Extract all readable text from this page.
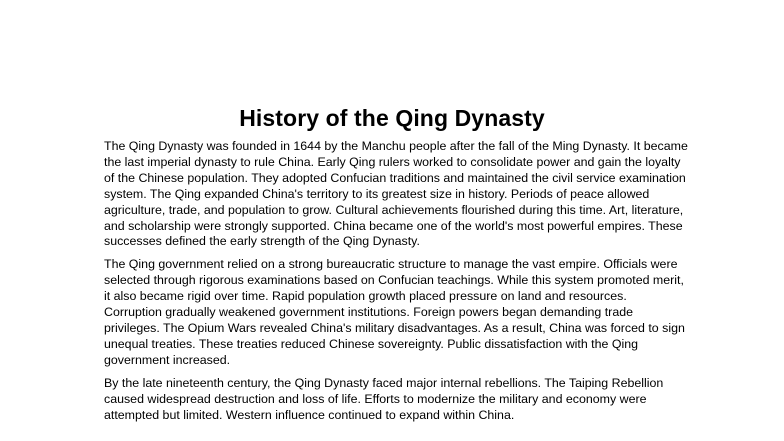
History of the Qing Dynasty

The Qing Dynasty was founded in 1644 by the Manchu people after the fall of the Ming Dynasty. It became the last imperial dynasty to rule China. Early Qing rulers worked to consolidate power and gain the loyalty of the Chinese population. They adopted Confucian traditions and maintained the civil service examination system. The Qing expanded China's territory to its greatest size in history. Periods of peace allowed agriculture, trade, and population to grow. Cultural achievements flourished during this time. Art, literature, and scholarship were strongly supported. China became one of the world's most powerful empires. These successes defined the early strength of the Qing Dynasty.

The Qing government relied on a strong bureaucratic structure to manage the vast empire. Officials were selected through rigorous examinations based on Confucian teachings. While this system promoted merit, it also became rigid over time. Rapid population growth placed pressure on land and resources. Corruption gradually weakened government institutions. Foreign powers began demanding trade privileges. The Opium Wars revealed China's military disadvantages. As a result, China was forced to sign unequal treaties. These treaties reduced Chinese sovereignty. Public dissatisfaction with the Qing government increased.

By the late nineteenth century, the Qing Dynasty faced major internal rebellions. The Taiping Rebellion caused widespread destruction and loss of life. Efforts to modernize the military and economy were attempted but limited. Western influence continued to expand within China.
